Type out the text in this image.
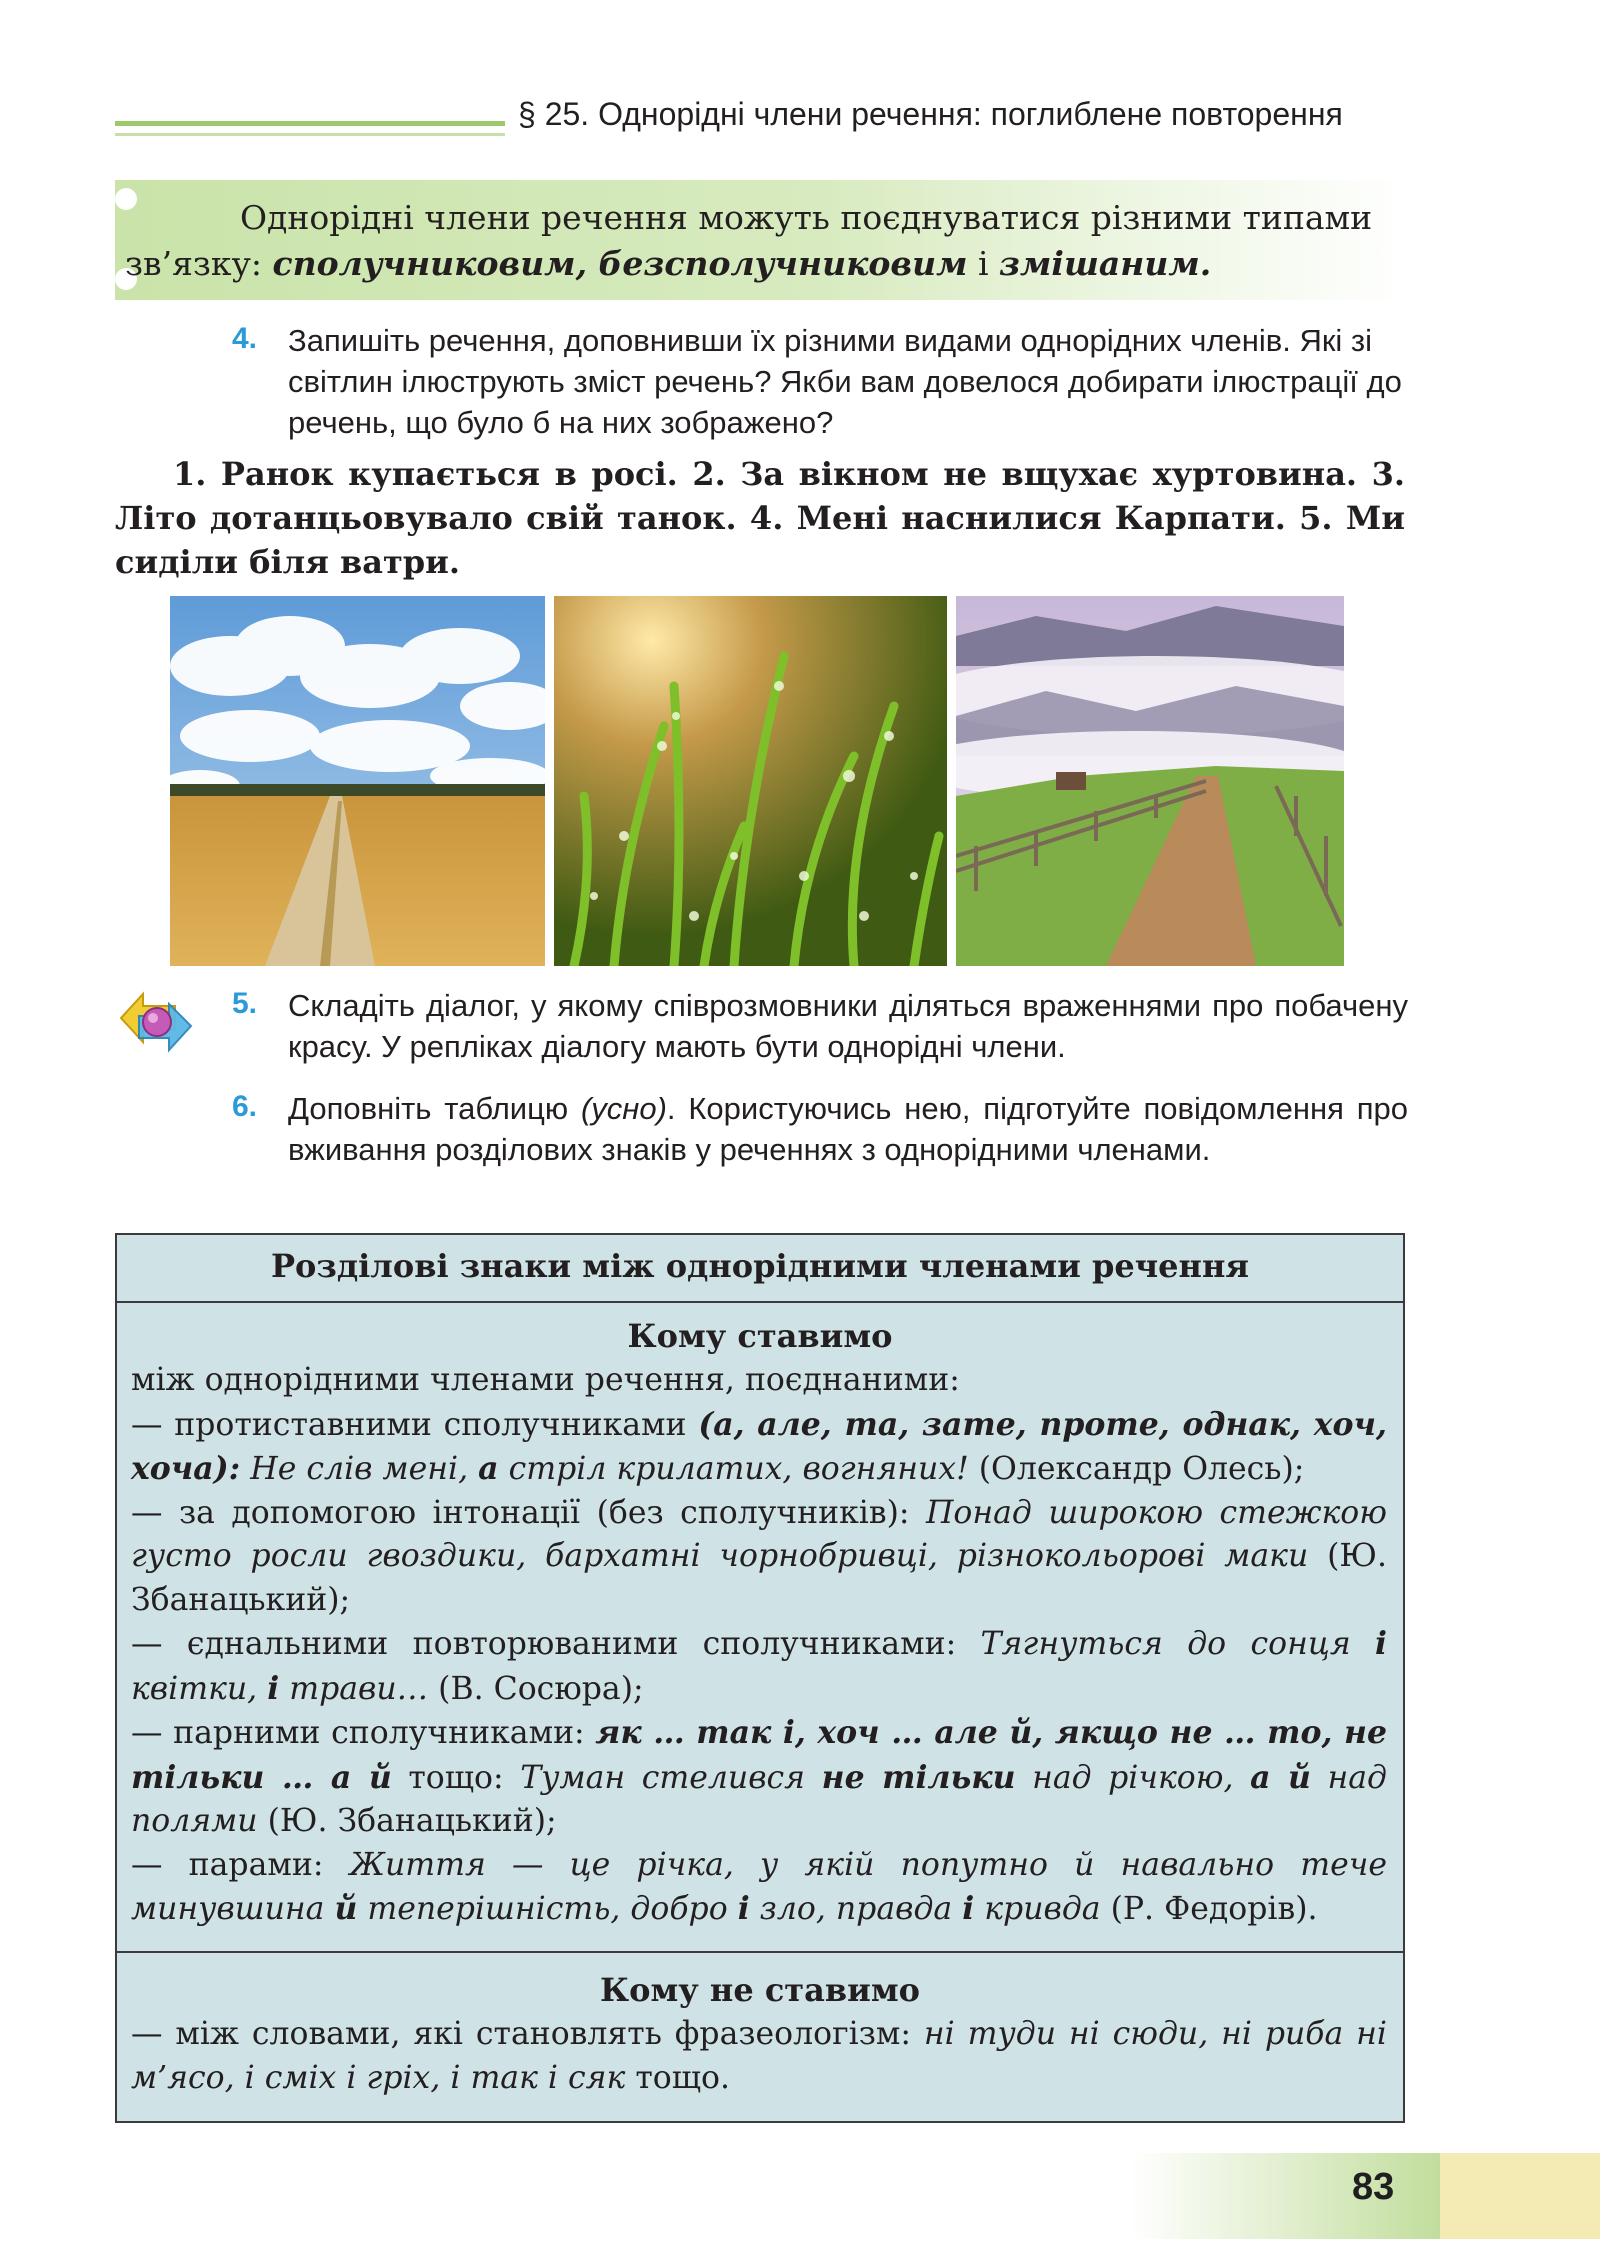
§ 25. Однорідні члени речення: поглиблене повторення
Однорідні члени речення можуть поєднуватися різними типами
зв’язку: сполучниковим, безсполучниковим і змішаним.
4. Запишіть речення, доповнивши їх різними видами однорідних членів. Які зі світлин ілюструють зміст речень? Якби вам довелося добирати ілюстрації до речень, що було б на них зображено?
1. Ранок купається в росі. 2. За вікном не вщухає хуртовина. 3. Літо дотанцьовувало свій танок. 4. Мені наснилися Карпати. 5. Ми сиділи біля ватри.
5. Складіть діалог, у якому співрозмовники діляться враженнями про побачену красу. У репліках діалогу мають бути однорідні члени.
6. Доповніть таблицю (усно). Користуючись нею, підготуйте повідомлення про вживання розділових знаків у реченнях з однорідними членами.
Розділові знаки між однорідними членами речення
Кому ставимо

між однорідними членами речення, поєднаними:

— протиставними сполучниками (а, але, та, зате, проте, однак, хоч, хоча): Не слів мені, а стріл крилатих, вогняних! (Олександр Олесь);

— за допомогою інтонації (без сполучників): Понад широкою стежкою густо росли гвоздики, бархатні чорнобривці, різнокольорові маки (Ю. Збанацький);

— єднальними повторюваними сполучниками: Тягнуться до сонця і квітки, і трави… (В. Сосюра);

— парними сполучниками: як … так і, хоч … але й, якщо не … то, не тільки … а й тощо: Туман стелився не тільки над річкою, а й над полями (Ю. Збанацький);

— парами: Життя — це річка, у якій попутно й навально тече минувшина й теперішність, добро і зло, правда і кривда (Р. Федорів).

Кому не ставимо

— між словами, які становлять фразеологізм: ні туди ні сюди, ні риба ні м’ясо, і сміх і гріх, і так і сяк тощо.

83
